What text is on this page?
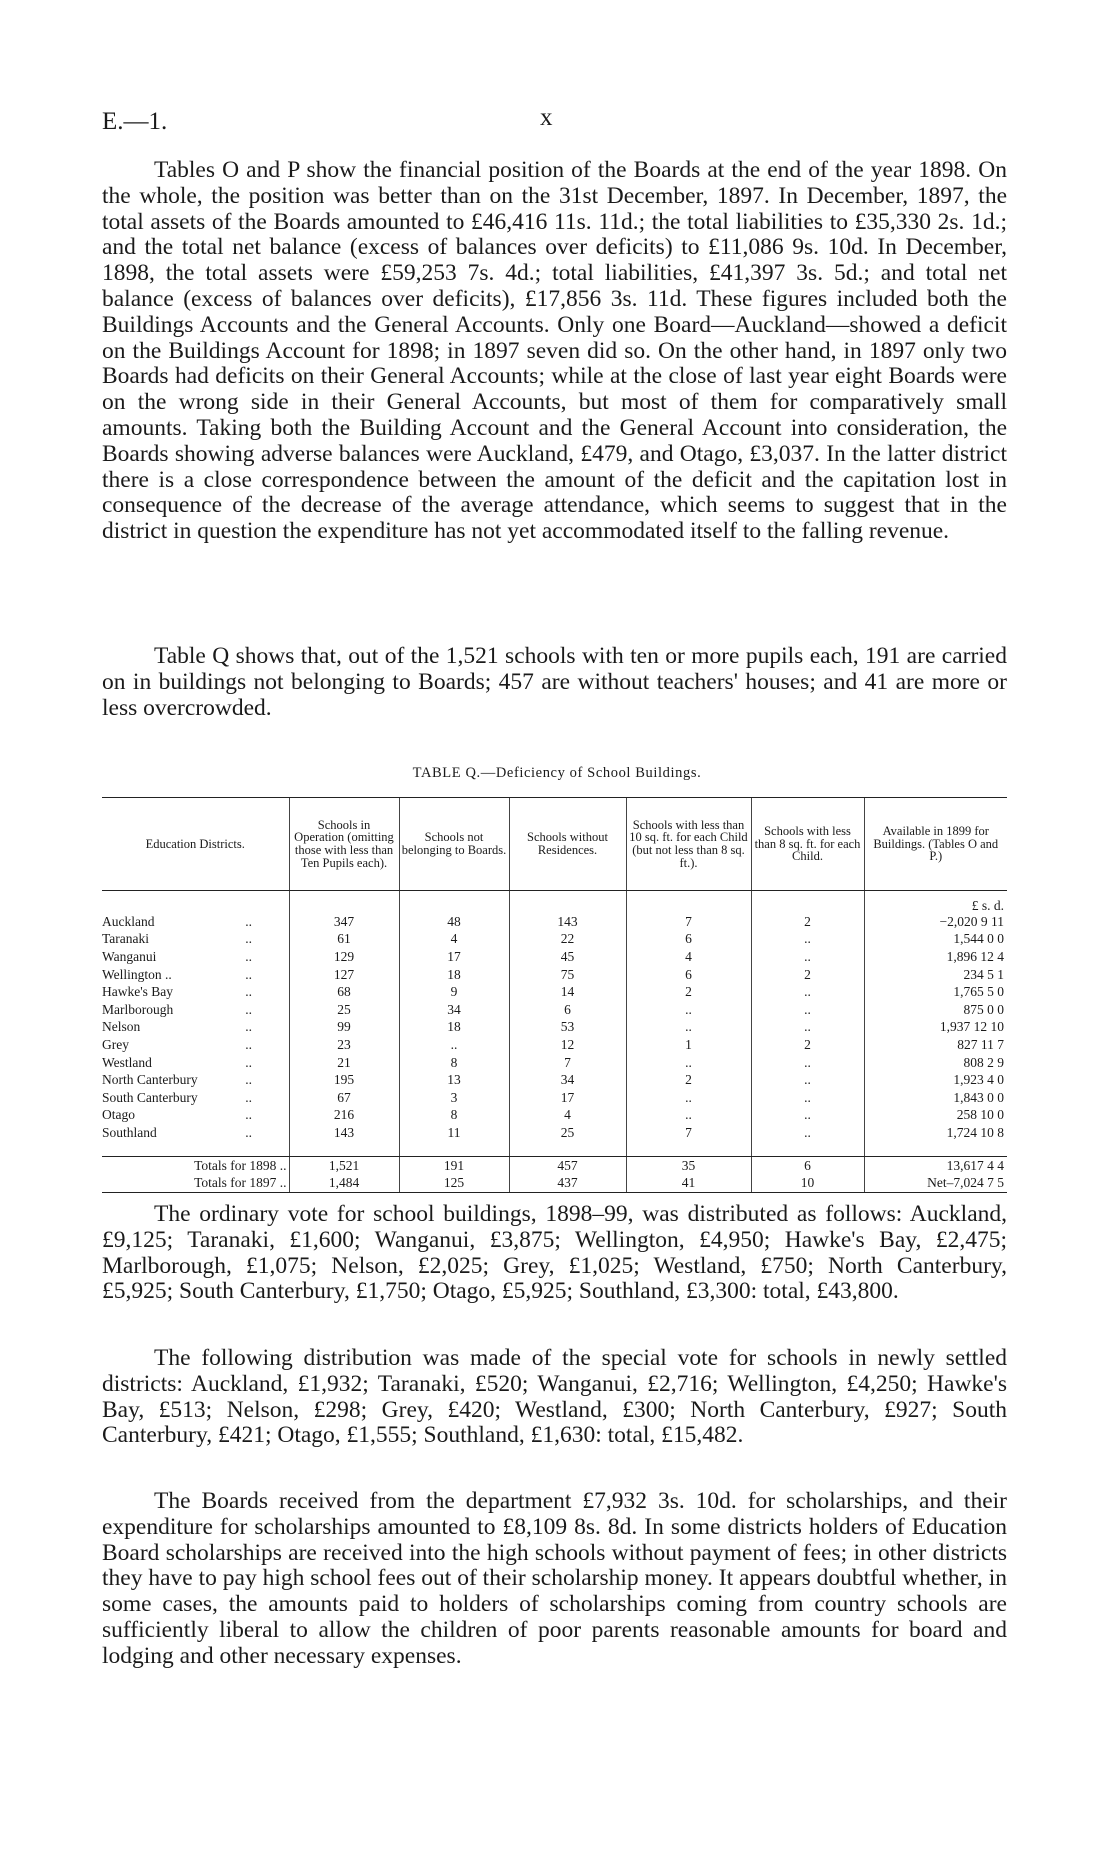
E.—1.	x

Tables O and P show the financial position of the Boards at the end of the year 1898. On the whole, the position was better than on the 31st December, 1897. In December, 1897, the total assets of the Boards amounted to £46,416 11s. 11d.; the total liabilities to £35,330 2s. 1d.; and the total net balance (excess of balances over deficits) to £11,086 9s. 10d. In December, 1898, the total assets were £59,253 7s. 4d.; total liabilities, £41,397 3s. 5d.; and total net balance (excess of balances over deficits), £17,856 3s. 11d. These figures included both the Buildings Accounts and the General Accounts. Only one Board—Auckland—showed a deficit on the Buildings Account for 1898; in 1897 seven did so. On the other hand, in 1897 only two Boards had deficits on their General Accounts; while at the close of last year eight Boards were on the wrong side in their General Accounts, but most of them for comparatively small amounts. Taking both the Building Account and the General Account into consideration, the Boards showing adverse balances were Auckland, £479, and Otago, £3,037. In the latter district there is a close correspondence between the amount of the deficit and the capitation lost in consequence of the decrease of the average attendance, which seems to suggest that in the district in question the expenditure has not yet accommodated itself to the falling revenue.

Table Q shows that, out of the 1,521 schools with ten or more pupils each, 191 are carried on in buildings not belonging to Boards; 457 are without teachers' houses; and 41 are more or less overcrowded.

TABLE Q.—Deficiency of School Buildings.
Education Districts.	Schools in Operation (omitting those with less than Ten Pupils each).	Schools not belonging to Boards.	Schools without Residences.	Schools with less than 10 sq. ft. for each Child (but not less than 8 sq. ft.).	Schools with less than 8 sq. ft. for each Child.	Available in 1899 for Buildings. (Tables O and P.)
						£ s. d.
Auckland ..	347	48	143	7	2	−2,020 9 11
Taranaki ..	61	4	22	6	..	1,544 0 0
Wanganui ..	129	17	45	4	..	1,896 12 4
Wellington .. ..	127	18	75	6	2	234 5 1
Hawke's Bay ..	68	9	14	2	..	1,765 5 0
Marlborough ..	25	34	6	..	..	875 0 0
Nelson ..	99	18	53	..	..	1,937 12 10
Grey ..	23	..	12	1	2	827 11 7
Westland ..	21	8	7	..	..	808 2 9
North Canterbury ..	195	13	34	2	..	1,923 4 0
South Canterbury ..	67	3	17	..	..	1,843 0 0
Otago ..	216	8	4	..	..	258 10 0
Southland ..	143	11	25	7	..	1,724 10 8

Totals for 1898 ..	1,521	191	457	35	6	13,617 4 4
Totals for 1897 ..	1,484	125	437	41	10	Net–7,024 7 5

The ordinary vote for school buildings, 1898–99, was distributed as follows: Auckland, £9,125; Taranaki, £1,600; Wanganui, £3,875; Wellington, £4,950; Hawke's Bay, £2,475; Marlborough, £1,075; Nelson, £2,025; Grey, £1,025; Westland, £750; North Canterbury, £5,925; South Canterbury, £1,750; Otago, £5,925; Southland, £3,300: total, £43,800.

The following distribution was made of the special vote for schools in newly settled districts: Auckland, £1,932; Taranaki, £520; Wanganui, £2,716; Wellington, £4,250; Hawke's Bay, £513; Nelson, £298; Grey, £420; Westland, £300; North Canterbury, £927; South Canterbury, £421; Otago, £1,555; Southland, £1,630: total, £15,482.

The Boards received from the department £7,932 3s. 10d. for scholarships, and their expenditure for scholarships amounted to £8,109 8s. 8d. In some districts holders of Education Board scholarships are received into the high schools without payment of fees; in other districts they have to pay high school fees out of their scholarship money. It appears doubtful whether, in some cases, the amounts paid to holders of scholarships coming from country schools are sufficiently liberal to allow the children of poor parents reasonable amounts for board and lodging and other necessary expenses.
